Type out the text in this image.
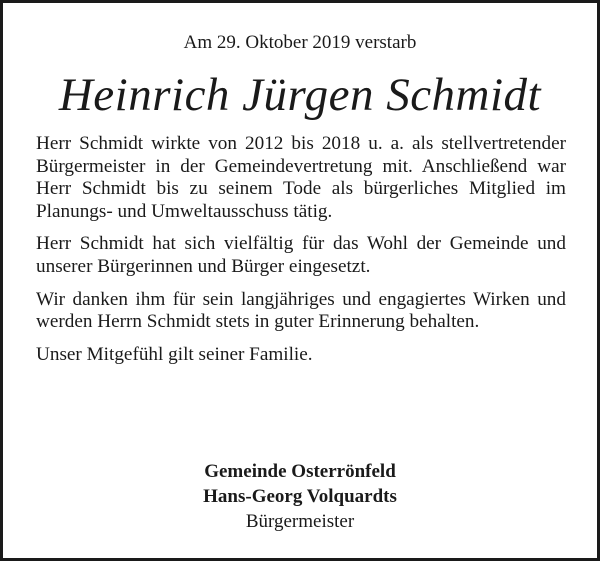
Am 29. Oktober 2019 verstarb
Heinrich Jürgen Schmidt

Herr Schmidt wirkte von 2012 bis 2018 u. a. als stellvertretender Bürgermeister in der Gemeindevertretung mit. Anschließend war Herr Schmidt bis zu seinem Tode als bürgerliches Mitglied im Planungs- und Umweltausschuss tätig.

Herr Schmidt hat sich vielfältig für das Wohl der Gemeinde und unserer Bürgerinnen und Bürger eingesetzt.

Wir danken ihm für sein langjähriges und engagiertes Wirken und werden Herrn Schmidt stets in guter Erinnerung behalten.

Unser Mitgefühl gilt seiner Familie.

Gemeinde Osterrönfeld
Hans-Georg Volquardts
Bürgermeister
